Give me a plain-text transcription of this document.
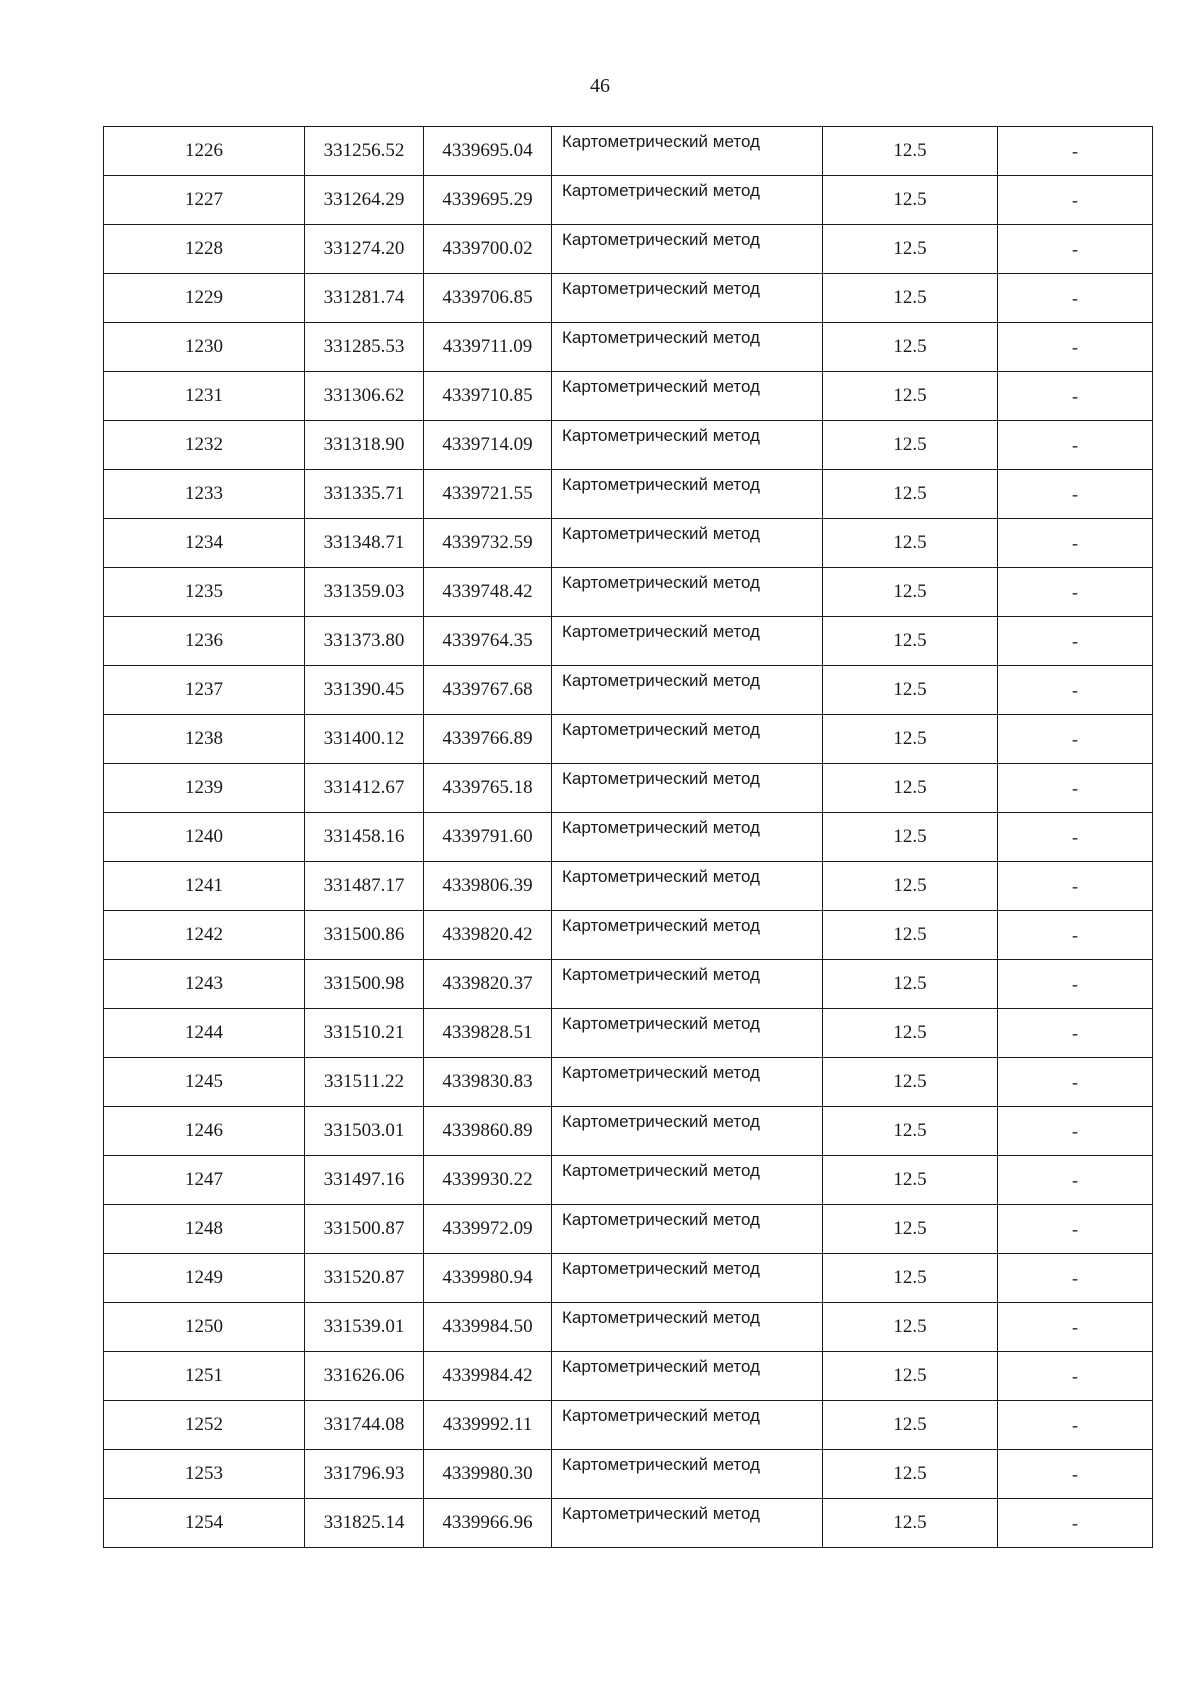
46
1226	331256.52	4339695.04	Картометрический метод	12.5	-
1227	331264.29	4339695.29	Картометрический метод	12.5	-
1228	331274.20	4339700.02	Картометрический метод	12.5	-
1229	331281.74	4339706.85	Картометрический метод	12.5	-
1230	331285.53	4339711.09	Картометрический метод	12.5	-
1231	331306.62	4339710.85	Картометрический метод	12.5	-
1232	331318.90	4339714.09	Картометрический метод	12.5	-
1233	331335.71	4339721.55	Картометрический метод	12.5	-
1234	331348.71	4339732.59	Картометрический метод	12.5	-
1235	331359.03	4339748.42	Картометрический метод	12.5	-
1236	331373.80	4339764.35	Картометрический метод	12.5	-
1237	331390.45	4339767.68	Картометрический метод	12.5	-
1238	331400.12	4339766.89	Картометрический метод	12.5	-
1239	331412.67	4339765.18	Картометрический метод	12.5	-
1240	331458.16	4339791.60	Картометрический метод	12.5	-
1241	331487.17	4339806.39	Картометрический метод	12.5	-
1242	331500.86	4339820.42	Картометрический метод	12.5	-
1243	331500.98	4339820.37	Картометрический метод	12.5	-
1244	331510.21	4339828.51	Картометрический метод	12.5	-
1245	331511.22	4339830.83	Картометрический метод	12.5	-
1246	331503.01	4339860.89	Картометрический метод	12.5	-
1247	331497.16	4339930.22	Картометрический метод	12.5	-
1248	331500.87	4339972.09	Картометрический метод	12.5	-
1249	331520.87	4339980.94	Картометрический метод	12.5	-
1250	331539.01	4339984.50	Картометрический метод	12.5	-
1251	331626.06	4339984.42	Картометрический метод	12.5	-
1252	331744.08	4339992.11	Картометрический метод	12.5	-
1253	331796.93	4339980.30	Картометрический метод	12.5	-
1254	331825.14	4339966.96	Картометрический метод	12.5	-
